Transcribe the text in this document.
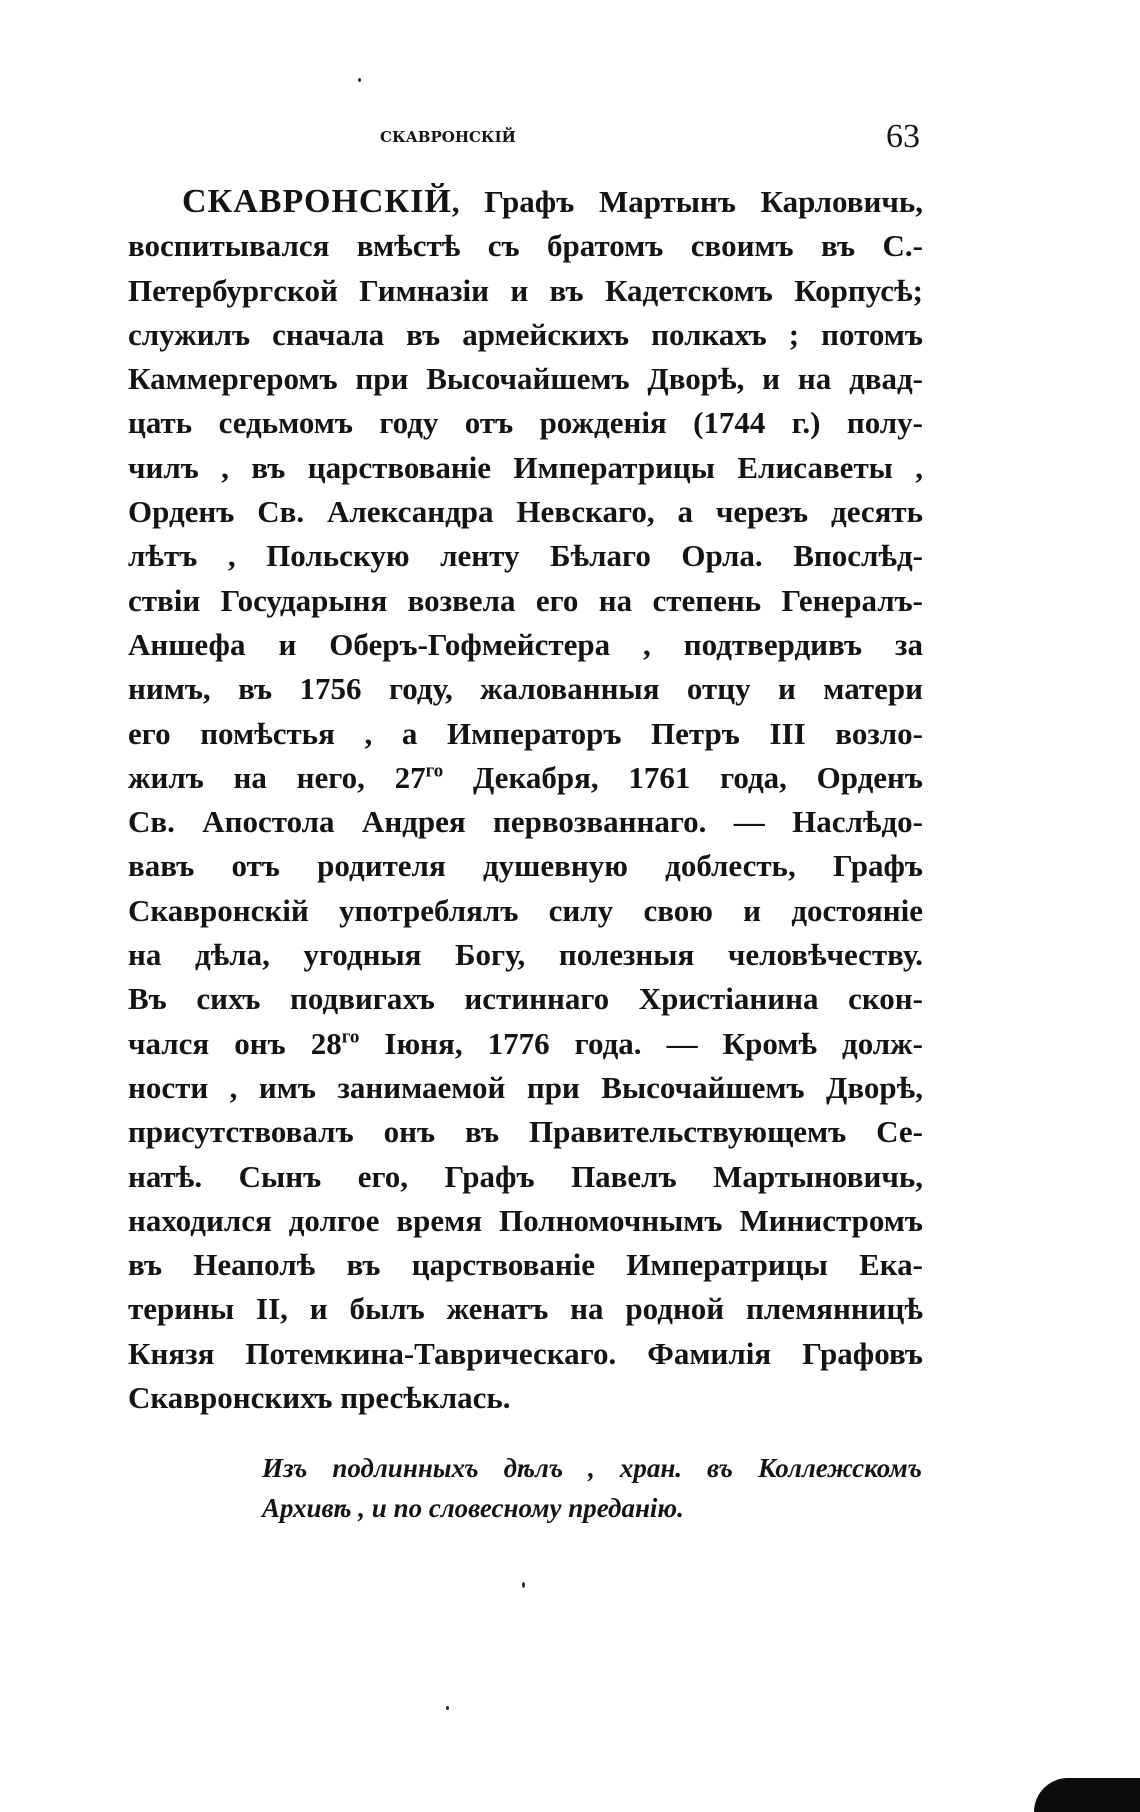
скавронскій	63
СКАВРОНСКІЙ, Графъ Мартынъ Карловичь,
воспитывался вмѣстѣ съ братомъ своимъ въ С.-
Петербургской Гимназіи и въ Кадетскомъ Корпусѣ;
служилъ сначала въ армейскихъ полкахъ ; потомъ
Каммергеромъ при Высочайшемъ Дворѣ, и на двад-
цать седьмомъ году отъ рожденія (1744 г.) полу-
чилъ , въ царствованіе Императрицы Елисаветы ,
Орденъ Св. Александра Невскаго, а черезъ десять
лѣтъ , Польскую ленту Бѣлаго Орла. Впослѣд-
ствіи Государыня возвела его на степень Генералъ-
Аншефа и Оберъ-Гофмейстера , подтвердивъ за
нимъ, въ 1756 году, жалованныя отцу и матери
его помѣстья , а Императоръ Петръ III возло-
жилъ на него, $27^{го}$ Декабря, 1761 года, Орденъ
Св. Апостола Андрея первозваннаго. — Наслѣдо-
вавъ отъ родителя душевную доблесть, Графъ
Скавронскій употреблялъ силу свою и достояніе
на дѣла, угодныя Богу, полезныя человѣчеству.
Въ сихъ подвигахъ истиннаго Христіанина скон-
чался онъ $28^{го}$ Іюня, 1776 года. — Кромѣ долж-
ности , имъ занимаемой при Высочайшемъ Дворѣ,
присутствовалъ онъ въ Правительствующемъ Се-
натѣ. Сынъ его, Графъ Павелъ Мартыновичь,
находился долгое время Полномочнымъ Министромъ
въ Неаполѣ въ царствованіе Императрицы Ека-
терины II, и былъ женатъ на родной племянницѣ
Князя Потемкина-Таврическаго. Фамилія Графовъ
Скавронскихъ пресѣклась.
Изъ подлинныхъ дѣлъ , хран. въ Коллежскомъ
Архивѣ , и по словесному преданію.
